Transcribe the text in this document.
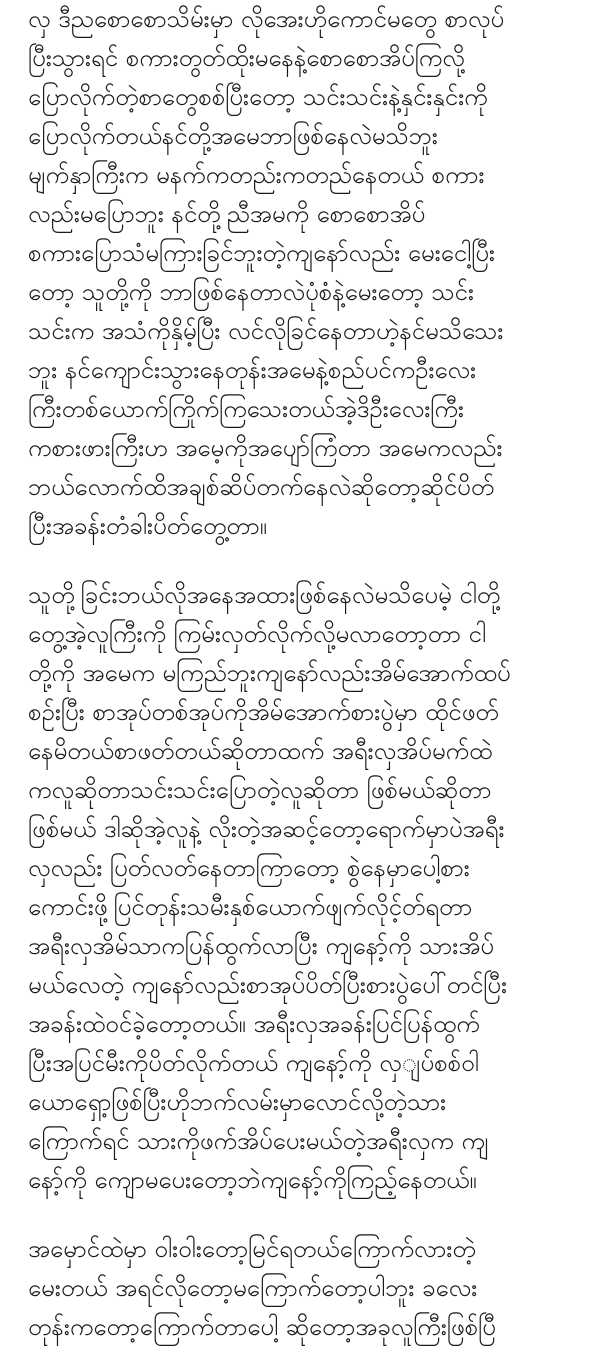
လှ ဒီညစောစောသိမ်းမှာ လိုအေးဟိုကောင်မတွေ စာလုပ်
ပြီးသွားရင် စကားတွတ်ထိုးမနေနဲ့စောစောအိပ်ကြလို့
ပြောလိုက်တဲ့စာတွေစစ်ပြီးတော့ သင်းသင်းနဲ့နှင်းနှင်းကို
ပြောလိုက်တယ်နင်တို့အမေဘာဖြစ်နေလဲမသိဘူး
မျက်နှာကြီးက မနက်ကတည်းကတည်နေတယ် စကား
လည်းမပြောဘူး နင်တို့ညီအမကို စောစောအိပ်
စကားပြောသံမကြားခြင်ဘူးတဲ့ကျနော်လည်း မေးငေါ့ပြီး
တော့ သူတို့ကို ဘာဖြစ်နေတာလဲပုံစံနဲ့မေးတော့ သင်း
သင်းက အသံကိုနှိမ့်ပြီး လင်လိုခြင်နေတာဟဲ့နင်မသိသေး
ဘူး နင်ကျောင်းသွားနေတုန်းအမေနဲ့စည်ပင်ကဦးလေး
ကြီးတစ်ယောက်ကြိုက်ကြသေးတယ်အဲ့ဒိဦးလေးကြီး
ကစားဖားကြီးဟ အမေ့ကိုအပျော်ကြံတာ အမေကလည်း
ဘယ်လောက်ထိအချစ်ဆိပ်တက်နေလဲဆိုတော့ဆိုင်ပိတ်
ပြီးအခန်းတံခါးပိတ်တွေ့တာ။

သူတို့ခြင်းဘယ်လိုအနေအထားဖြစ်နေလဲမသိပေမဲ့ ငါတို့
တွေ့အဲ့လူကြီးကို ကြမ်းလှတ်လိုက်လို့မလာတော့တာ ငါ
တို့ကို အမေက မကြည်ဘူးကျနော်လည်းအိမ်အောက်ထပ်
စဥ်းပြီး စာအုပ်တစ်အုပ်ကိုအိမ်အောက်စားပွဲမှာ ထိုင်ဖတ်
နေမိတယ်စာဖတ်တယ်ဆိုတာထက် အရီးလှအိပ်မက်ထဲ
ကလူဆိုတာသင်းသင်းပြောတဲ့လူဆိုတာ ဖြစ်မယ်ဆိုတာ
ဖြစ်မယ် ဒါဆိုအဲ့လူနဲ့ လိုးတဲ့အဆင့်တော့ရောက်မှာပဲအရီး
လှလည်း ပြတ်လတ်နေတာကြာတော့ စွဲနေမှာပေါ့စား
ကောင်းဖို့ပြင်တုန်းသမီးနှစ်ယောက်ဖျက်လိုင့်တ်ရတာ
အရီးလှအိမ်သာကပြန်ထွက်လာပြီး ကျနော့်ကို သားအိပ်
မယ်လေတဲ့ ကျနော်လည်းစာအုပ်ပိတ်ပြီးစားပွဲပေါ်တင်ပြီး
အခန်းထဲဝင်ခဲ့တော့တယ်။ အရီးလှအခန်းပြင်ပြန်ထွက်
ပြီးအပြင်မီးကိုပိတ်လိုက်တယ် ကျနော့်ကို လှျပ်စစ်ဝါ
ယောရှော့ဖြစ်ပြီးဟိုဘက်လမ်းမှာလောင်လို့တဲ့သား
ကြောက်ရင် သားကိုဖက်အိပ်ပေးမယ်တဲ့အရီးလှက ကျ
နော့်ကို ကျောမပေးတော့ဘဲကျနော့်ကိုကြည့်နေတယ်။

အမှောင်ထဲမှာ ဝါးဝါးတော့မြင်ရတယ်ကြောက်လားတဲ့
မေးတယ် အရင်လိုတော့မကြောက်တော့ပါဘူး ခလေး
တုန်းကတော့ကြောက်တာပေါ့ ဆိုတော့အခုလူကြီးဖြစ်ပြီ
